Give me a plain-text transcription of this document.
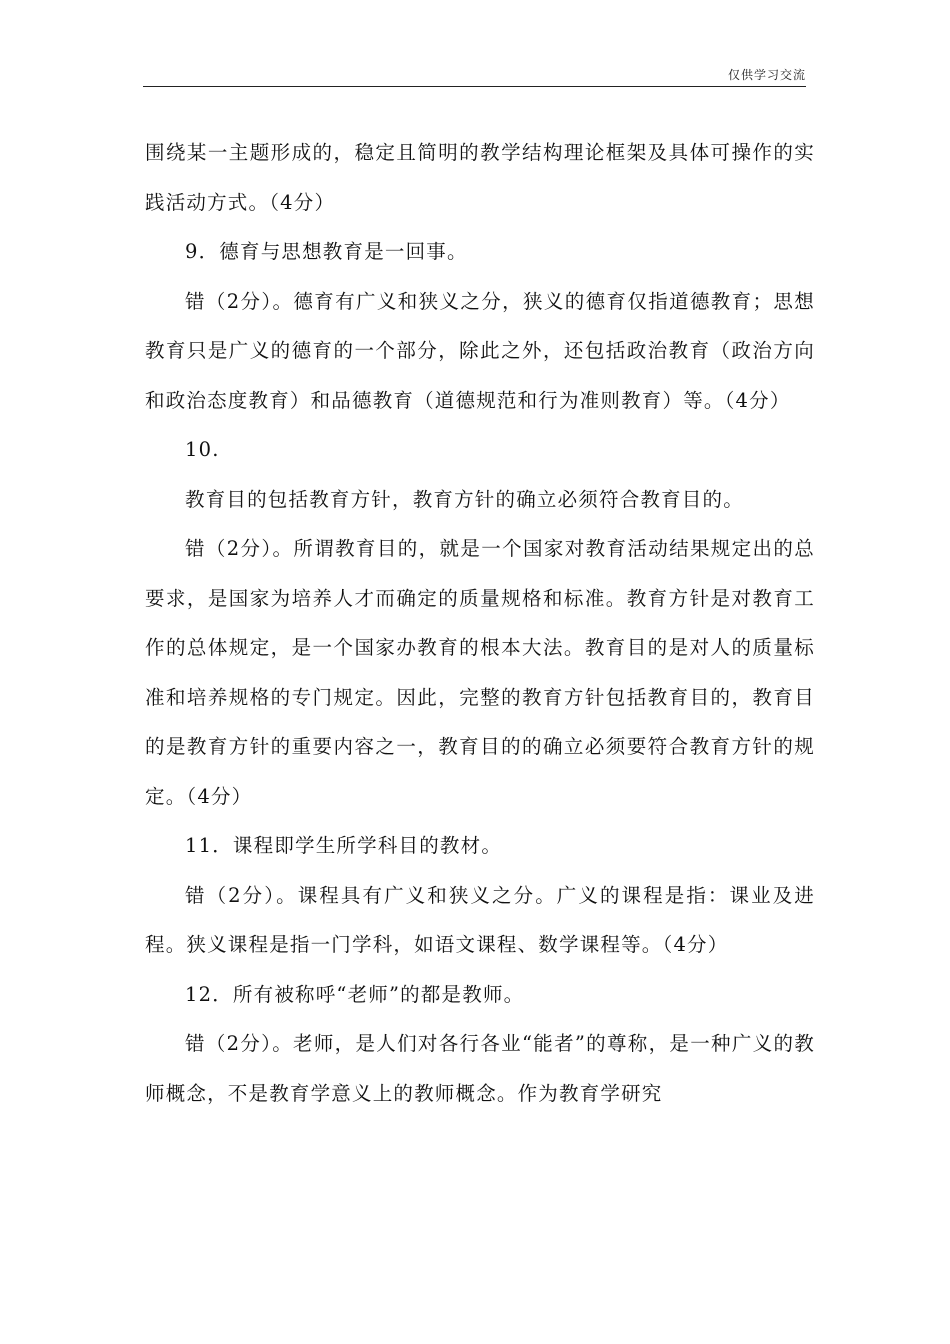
仅供学习交流

围绕某一主题形成的，稳定且简明的教学结构理论框架及具体可操作的实践活动方式。（4分）

9．德育与思想教育是一回事。

错（2分）。德育有广义和狭义之分，狭义的德育仅指道德教育；思想教育只是广义的德育的一个部分，除此之外，还包括政治教育（政治方向和政治态度教育）和品德教育（道德规范和行为准则教育）等。（4分）

10.

教育目的包括教育方针，教育方针的确立必须符合教育目的。

错（2分）。所谓教育目的，就是一个国家对教育活动结果规定出的总要求，是国家为培养人才而确定的质量规格和标准。教育方针是对教育工作的总体规定，是一个国家办教育的根本大法。教育目的是对人的质量标准和培养规格的专门规定。因此，完整的教育方针包括教育目的，教育目的是教育方针的重要内容之一，教育目的的确立必须要符合教育方针的规定。（4分）

11．课程即学生所学科目的教材。

错（2分）。课程具有广义和狭义之分。广义的课程是指：课业及进程。狭义课程是指一门学科，如语文课程、数学课程等。（4分）

12．所有被称呼“老师”的都是教师。

错（2分）。老师，是人们对各行各业“能者”的尊称，是一种广义的教师概念，不是教育学意义上的教师概念。作为教育学研究
